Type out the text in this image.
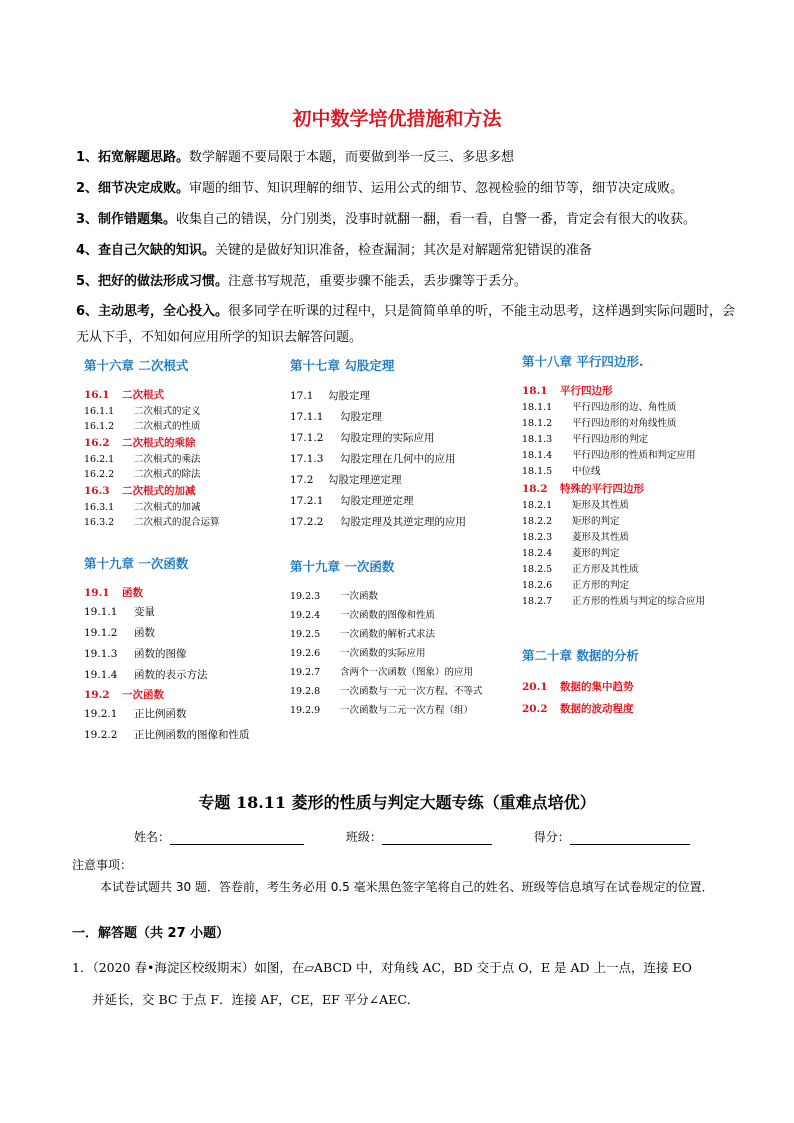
初中数学培优措施和方法
1、拓宽解题思路。数学解题不要局限于本题，而要做到举一反三、多思多想
2、细节决定成败。审题的细节、知识理解的细节、运用公式的细节、忽视检验的细节等，细节决定成败。
3、制作错题集。收集自己的错误，分门别类，没事时就翻一翻，看一看，自警一番，肯定会有很大的收获。
4、查自己欠缺的知识。关键的是做好知识准备，检查漏洞；其次是对解题常犯错误的准备
5、把好的做法形成习惯。注意书写规范，重要步骤不能丢，丢步骤等于丢分。
6、主动思考，全心投入。很多同学在听课的过程中，只是简简单单的听，不能主动思考，这样遇到实际问题时，会无从下手，不知如何应用所学的知识去解答问题。
第十六章 二次根式
16.1 二次根式
16.1.1 二次根式的定义
16.1.2 二次根式的性质
16.2 二次根式的乘除
16.2.1 二次根式的乘法
16.2.2 二次根式的除法
16.3 二次根式的加减
16.3.1 二次根式的加减
16.3.2 二次根式的混合运算
第十九章 一次函数
19.1 函数
19.1.1 变量
19.1.2 函数
19.1.3 函数的图像
19.1.4 函数的表示方法
19.2 一次函数
19.2.1 正比例函数
19.2.2 正比例函数的图像和性质
第十七章 勾股定理
17.1 勾股定理
17.1.1 勾股定理
17.1.2 勾股定理的实际应用
17.1.3 勾股定理在几何中的应用
17.2 勾股定理逆定理
17.2.1 勾股定理逆定理
17.2.2 勾股定理及其逆定理的应用
第十九章 一次函数
19.2.3 一次函数
19.2.4 一次函数的图像和性质
19.2.5 一次函数的解析式求法
19.2.6 一次函数的实际应用
19.2.7 含两个一次函数（图象）的应用
19.2.8 一次函数与一元一次方程、不等式
19.2.9 一次函数与二元一次方程（组）
第十八章 平行四边形.
18.1 平行四边形
18.1.1 平行四边形的边、角性质
18.1.2 平行四边形的对角线性质
18.1.3 平行四边形的判定
18.1.4 平行四边形的性质和判定应用
18.1.5 中位线
18.2 特殊的平行四边形
18.2.1 矩形及其性质
18.2.2 矩形的判定
18.2.3 菱形及其性质
18.2.4 菱形的判定
18.2.5 正方形及其性质
18.2.6 正方形的判定
18.2.7 正方形的性质与判定的综合应用
第二十章 数据的分析
20.1 数据的集中趋势
20.2 数据的波动程度
专题 18.11 菱形的性质与判定大题专练（重难点培优）
姓名：	班级：	得分：
注意事项：
本试卷试题共 30 题．答卷前，考生务必用 0.5 毫米黑色签字笔将自己的姓名、班级等信息填写在试卷规定的位置．
一．解答题（共 27 小题）
1．（2020 春•海淀区校级期末）如图，在▱ABCD 中，对角线 AC，BD 交于点 O，E 是 AD 上一点，连接 EO
并延长，交 BC 于点 F．连接 AF，CE，EF 平分∠AEC．
